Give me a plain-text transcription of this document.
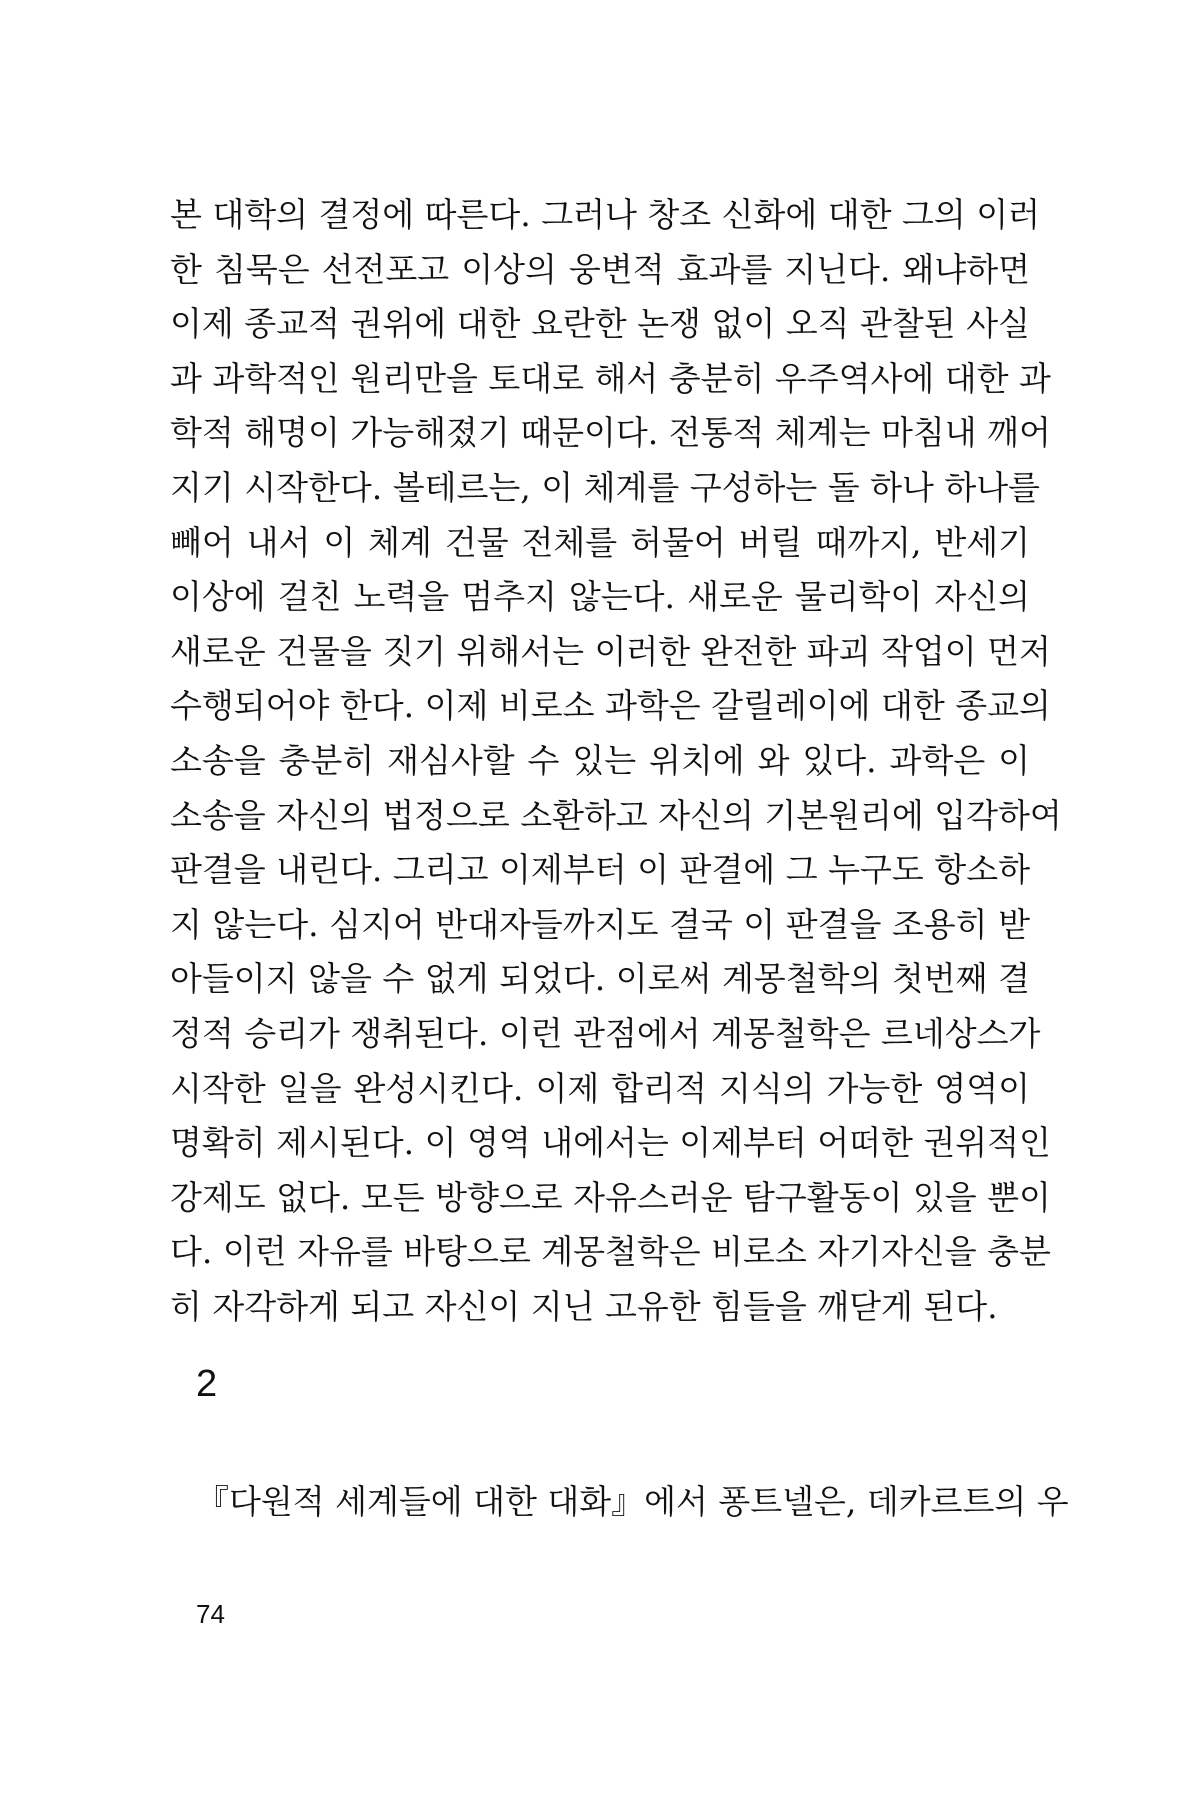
본 대학의 결정에 따른다. 그러나 창조 신화에 대한 그의 이러
한 침묵은 선전포고 이상의 웅변적 효과를 지닌다. 왜냐하면
이제 종교적 권위에 대한 요란한 논쟁 없이 오직 관찰된 사실
과 과학적인 원리만을 토대로 해서 충분히 우주역사에 대한 과
학적 해명이 가능해졌기 때문이다. 전통적 체계는 마침내 깨어
지기 시작한다. 볼테르는, 이 체계를 구성하는 돌 하나 하나를
빼어 내서 이 체계 건물 전체를 허물어 버릴 때까지, 반세기
이상에 걸친 노력을 멈추지 않는다. 새로운 물리학이 자신의
새로운 건물을 짓기 위해서는 이러한 완전한 파괴 작업이 먼저
수행되어야 한다. 이제 비로소 과학은 갈릴레이에 대한 종교의
소송을 충분히 재심사할 수 있는 위치에 와 있다. 과학은 이
소송을 자신의 법정으로 소환하고 자신의 기본원리에 입각하여
판결을 내린다. 그리고 이제부터 이 판결에 그 누구도 항소하
지 않는다. 심지어 반대자들까지도 결국 이 판결을 조용히 받
아들이지 않을 수 없게 되었다. 이로써 계몽철학의 첫번째 결
정적 승리가 쟁취된다. 이런 관점에서 계몽철학은 르네상스가
시작한 일을 완성시킨다. 이제 합리적 지식의 가능한 영역이
명확히 제시된다. 이 영역 내에서는 이제부터 어떠한 권위적인
강제도 없다. 모든 방향으로 자유스러운 탐구활동이 있을 뿐이
다. 이런 자유를 바탕으로 계몽철학은 비로소 자기자신을 충분
히 자각하게 되고 자신이 지닌 고유한 힘들을 깨닫게 된다.
2
『다원적 세계들에 대한 대화』에서 퐁트넬은, 데카르트의 우
74
